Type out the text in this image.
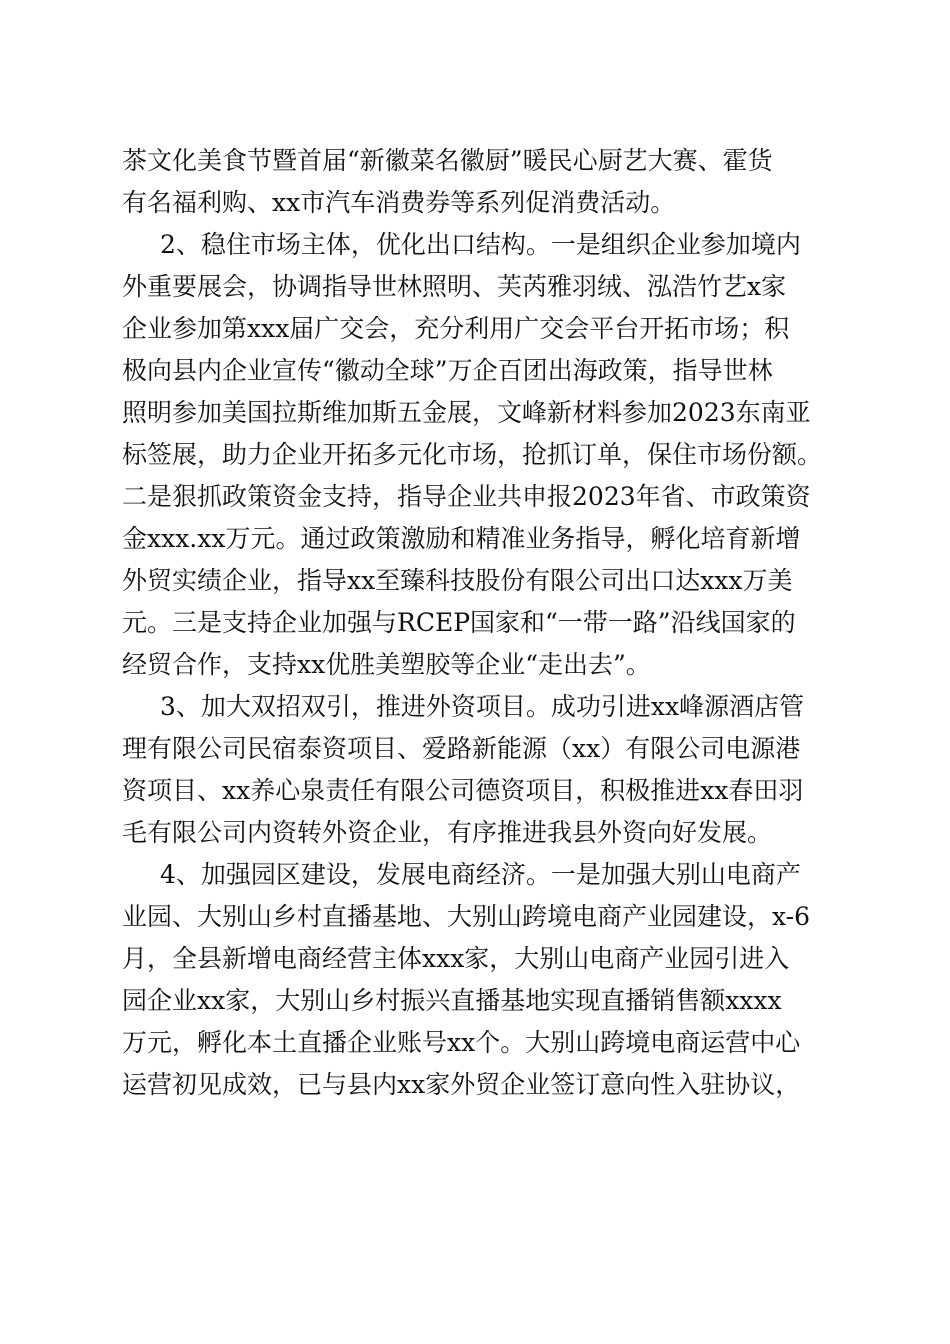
茶文化美食节暨首届“新徽菜名徽厨”暖民心厨艺大赛、霍货
有名福利购、xx市汽车消费券等系列促消费活动。
2、稳住市场主体，优化出口结构。一是组织企业参加境内
外重要展会，协调指导世林照明、芙芮雅羽绒、泓浩竹艺x家
企业参加第xxx届广交会，充分利用广交会平台开拓市场；积
极向县内企业宣传“徽动全球”万企百团出海政策，指导世林
照明参加美国拉斯维加斯五金展，文峰新材料参加2023东南亚
标签展，助力企业开拓多元化市场，抢抓订单，保住市场份额。
二是狠抓政策资金支持，指导企业共申报2023年省、市政策资
金xxx.xx万元。通过政策激励和精准业务指导，孵化培育新增
外贸实绩企业，指导xx至臻科技股份有限公司出口达xxx万美
元。三是支持企业加强与RCEP国家和“一带一路”沿线国家的
经贸合作，支持xx优胜美塑胶等企业“走出去”。
3、加大双招双引，推进外资项目。成功引进xx峰源酒店管
理有限公司民宿泰资项目、爱路新能源（xx）有限公司电源港
资项目、xx养心泉责任有限公司德资项目，积极推进xx春田羽
毛有限公司内资转外资企业，有序推进我县外资向好发展。
4、加强园区建设，发展电商经济。一是加强大别山电商产
业园、大别山乡村直播基地、大别山跨境电商产业园建设，x-6
月，全县新增电商经营主体xxx家，大别山电商产业园引进入
园企业xx家，大别山乡村振兴直播基地实现直播销售额xxxx
万元，孵化本土直播企业账号xx个。大别山跨境电商运营中心
运营初见成效，已与县内xx家外贸企业签订意向性入驻协议，
